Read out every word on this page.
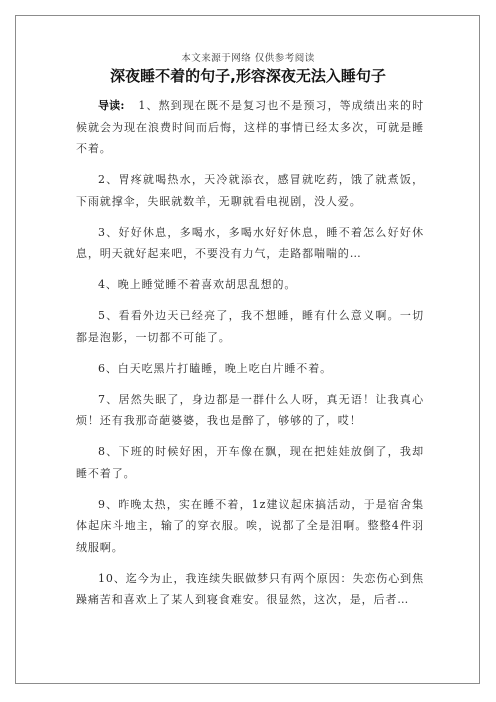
本文来源于网络 仅供参考阅读
深夜睡不着的句子,形容深夜无法入睡句子

导读: 1、熬到现在既不是复习也不是预习，等成绩出来的时候就会为现在浪费时间而后悔，这样的事情已经太多次，可就是睡不着。

2、胃疼就喝热水，天冷就添衣，感冒就吃药，饿了就煮饭，下雨就撑伞，失眠就数羊，无聊就看电视剧，没人爱。

3、好好休息，多喝水，多喝水好好休息，睡不着怎么好好休息，明天就好起来吧，不要没有力气，走路都喘喘的…

4、晚上睡觉睡不着喜欢胡思乱想的。

5、看看外边天已经亮了，我不想睡，睡有什么意义啊。一切都是泡影，一切都不可能了。

6、白天吃黑片打瞌睡，晚上吃白片睡不着。

7、居然失眠了，身边都是一群什么人呀，真无语！让我真心烦！还有我那奇葩婆婆，我也是醉了，够够的了，哎！

8、下班的时候好困，开车像在飘，现在把娃娃放倒了，我却睡不着了。

9、昨晚太热，实在睡不着，1z建议起床搞活动，于是宿舍集体起床斗地主，输了的穿衣服。唉，说都了全是泪啊。整整4件羽绒服啊。

10、迄今为止，我连续失眠做梦只有两个原因：失恋伤心到焦躁痛苦和喜欢上了某人到寝食难安。很显然，这次，是，后者…
